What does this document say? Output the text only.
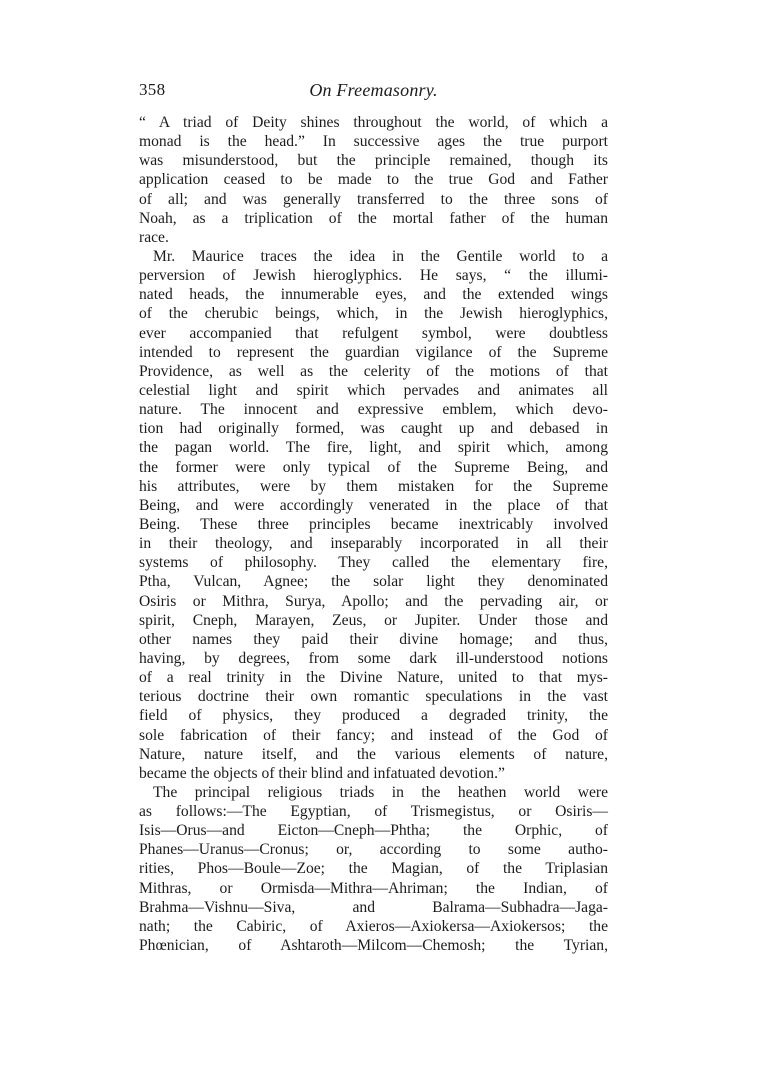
358	On Freemasonry.
“ A triad of Deity shines throughout the world, of which a
monad is the head.” In successive ages the true purport
was misunderstood, but the principle remained, though its
application ceased to be made to the true God and Father
of all; and was generally transferred to the three sons of
Noah, as a triplication of the mortal father of the human
race.
Mr. Maurice traces the idea in the Gentile world to a
perversion of Jewish hieroglyphics. He says, “ the illumi-
nated heads, the innumerable eyes, and the extended wings
of the cherubic beings, which, in the Jewish hieroglyphics,
ever accompanied that refulgent symbol, were doubtless
intended to represent the guardian vigilance of the Supreme
Providence, as well as the celerity of the motions of that
celestial light and spirit which pervades and animates all
nature. The innocent and expressive emblem, which devo-
tion had originally formed, was caught up and debased in
the pagan world. The fire, light, and spirit which, among
the former were only typical of the Supreme Being, and
his attributes, were by them mistaken for the Supreme
Being, and were accordingly venerated in the place of that
Being. These three principles became inextricably involved
in their theology, and inseparably incorporated in all their
systems of philosophy. They called the elementary fire,
Ptha, Vulcan, Agnee; the solar light they denominated
Osiris or Mithra, Surya, Apollo; and the pervading air, or
spirit, Cneph, Marayen, Zeus, or Jupiter. Under those and
other names they paid their divine homage; and thus,
having, by degrees, from some dark ill-understood notions
of a real trinity in the Divine Nature, united to that mys-
terious doctrine their own romantic speculations in the vast
field of physics, they produced a degraded trinity, the
sole fabrication of their fancy; and instead of the God of
Nature, nature itself, and the various elements of nature,
became the objects of their blind and infatuated devotion.”
The principal religious triads in the heathen world were
as follows:—The Egyptian, of Trismegistus, or Osiris—
Isis—Orus—and Eicton—Cneph—Phtha; the Orphic, of
Phanes—Uranus—Cronus; or, according to some autho-
rities, Phos—Boule—Zoe; the Magian, of the Triplasian
Mithras, or Ormisda—Mithra—Ahriman; the Indian, of
Brahma—Vishnu—Siva, and Balrama—Subhadra—Jaga-
nath; the Cabiric, of Axieros—Axiokersa—Axiokersos; the
Phœnician, of Ashtaroth—Milcom—Chemosh; the Tyrian,
